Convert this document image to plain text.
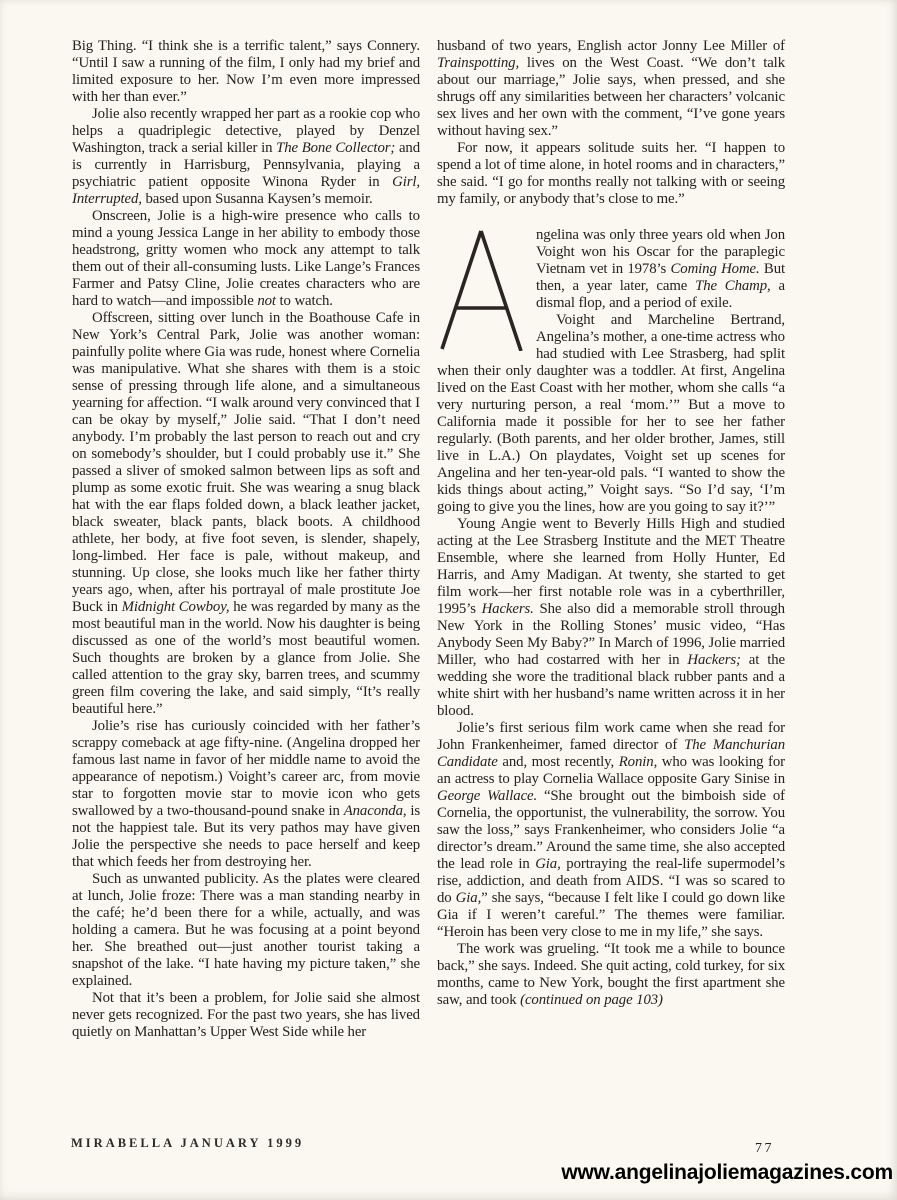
Big Thing. “I think she is a terrific talent,” says Connery. “Until I saw a running of the film, I only had my brief and limited exposure to her. Now I’m even more impressed with her than ever.”

Jolie also recently wrapped her part as a rookie cop who helps a quadriplegic detective, played by Denzel Washington, track a serial killer in The Bone Collector; and is currently in Harrisburg, Pennsylvania, playing a psychiatric patient opposite Winona Ryder in Girl, Interrupted, based upon Susanna Kaysen’s memoir.

Onscreen, Jolie is a high-wire presence who calls to mind a young Jessica Lange in her ability to embody those headstrong, gritty women who mock any attempt to talk them out of their all-consuming lusts. Like Lange’s Frances Farmer and Patsy Cline, Jolie creates characters who are hard to watch—and impossible not to watch.

Offscreen, sitting over lunch in the Boathouse Cafe in New York’s Central Park, Jolie was another woman: painfully polite where Gia was rude, honest where Cornelia was manipulative. What she shares with them is a stoic sense of pressing through life alone, and a simultaneous yearning for affection. “I walk around very convinced that I can be okay by myself,” Jolie said. “That I don’t need anybody. I’m probably the last person to reach out and cry on somebody’s shoulder, but I could probably use it.” She passed a sliver of smoked salmon between lips as soft and plump as some exotic fruit. She was wearing a snug black hat with the ear flaps folded down, a black leather jacket, black sweater, black pants, black boots. A childhood athlete, her body, at five foot seven, is slender, shapely, long-limbed. Her face is pale, without makeup, and stunning. Up close, she looks much like her father thirty years ago, when, after his portrayal of male prostitute Joe Buck in Midnight Cowboy, he was regarded by many as the most beautiful man in the world. Now his daughter is being discussed as one of the world’s most beautiful women. Such thoughts are broken by a glance from Jolie. She called attention to the gray sky, barren trees, and scummy green film covering the lake, and said simply, “It’s really beautiful here.”

Jolie’s rise has curiously coincided with her father’s scrappy comeback at age fifty-nine. (Angelina dropped her famous last name in favor of her middle name to avoid the appearance of nepotism.) Voight’s career arc, from movie star to forgotten movie star to movie icon who gets swallowed by a two-thousand-pound snake in Anaconda, is not the happiest tale. But its very pathos may have given Jolie the perspective she needs to pace herself and keep that which feeds her from destroying her.

Such as unwanted publicity. As the plates were cleared at lunch, Jolie froze: There was a man standing nearby in the café; he’d been there for a while, actually, and was holding a camera. But he was focusing at a point beyond her. She breathed out—just another tourist taking a snapshot of the lake. “I hate having my picture taken,” she explained.

Not that it’s been a problem, for Jolie said she almost never gets recognized. For the past two years, she has lived quietly on Manhattan’s Upper West Side while her

husband of two years, English actor Jonny Lee Miller of Trainspotting, lives on the West Coast. “We don’t talk about our marriage,” Jolie says, when pressed, and she shrugs off any similarities between her characters’ volcanic sex lives and her own with the comment, “I’ve gone years without having sex.”

For now, it appears solitude suits her. “I happen to spend a lot of time alone, in hotel rooms and in characters,” she said. “I go for months really not talking with or seeing my family, or anybody that’s close to me.”

ngelina was only three years old when Jon Voight won his Oscar for the paraplegic Vietnam vet in 1978’s Coming Home. But then, a year later, came The Champ, a dismal flop, and a period of exile.

Voight and Marcheline Bertrand, Angelina’s mother, a one-time actress who had studied with Lee Strasberg, had split when their only daughter was a toddler. At first, Angelina lived on the East Coast with her mother, whom she calls “a very nurturing person, a real ‘mom.’” But a move to California made it possible for her to see her father regularly. (Both parents, and her older brother, James, still live in L.A.) On playdates, Voight set up scenes for Angelina and her ten-year-old pals. “I wanted to show the kids things about acting,” Voight says. “So I’d say, ‘I’m going to give you the lines, how are you going to say it?’”

Young Angie went to Beverly Hills High and studied acting at the Lee Strasberg Institute and the MET Theatre Ensemble, where she learned from Holly Hunter, Ed Harris, and Amy Madigan. At twenty, she started to get film work—her first notable role was in a cyberthriller, 1995’s Hackers. She also did a memorable stroll through New York in the Rolling Stones’ music video, “Has Anybody Seen My Baby?” In March of 1996, Jolie married Miller, who had costarred with her in Hackers; at the wedding she wore the traditional black rubber pants and a white shirt with her husband’s name written across it in her blood.

Jolie’s first serious film work came when she read for John Frankenheimer, famed director of The Manchurian Candidate and, most recently, Ronin, who was looking for an actress to play Cornelia Wallace opposite Gary Sinise in George Wallace. “She brought out the bimboish side of Cornelia, the opportunist, the vulnerability, the sorrow. You saw the loss,” says Frankenheimer, who considers Jolie “a director’s dream.” Around the same time, she also accepted the lead role in Gia, portraying the real-life supermodel’s rise, addiction, and death from AIDS. “I was so scared to do Gia,” she says, “because I felt like I could go down like Gia if I weren’t careful.” The themes were familiar. “Heroin has been very close to me in my life,” she says.

The work was grueling. “It took me a while to bounce back,” she says. Indeed. She quit acting, cold turkey, for six months, came to New York, bought the first apartment she saw, and took (continued on page 103)

MIRABELLA JANUARY 1999	77
www.angelinajoliemagazines.com
